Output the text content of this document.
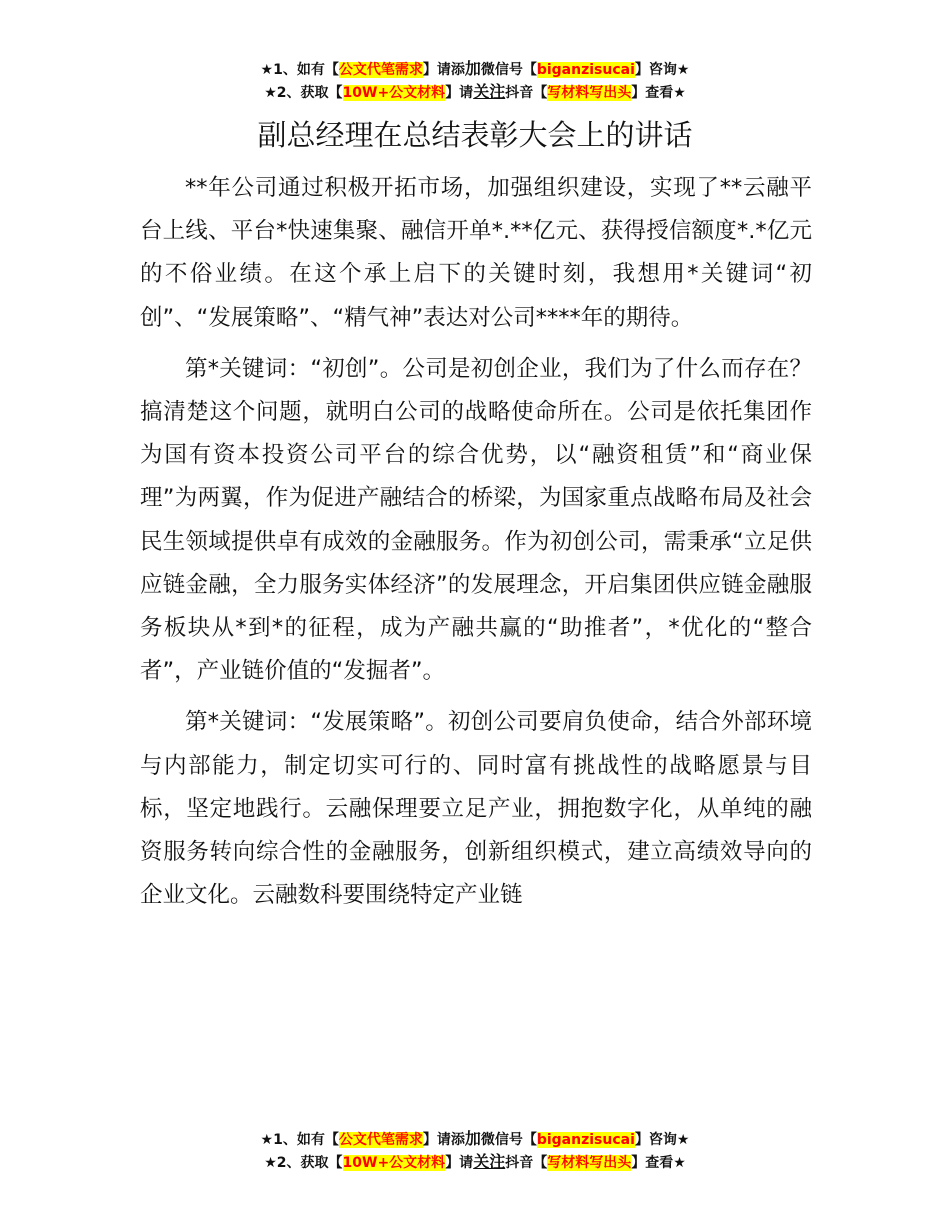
★1、如有【公文代笔需求】请添加微信号【biganzisucai】咨询★
★2、获取【10W+公文材料】请关注抖音【写材料写出头】查看★
副总经理在总结表彰大会上的讲话

**年公司通过积极开拓市场，加强组织建设，实现了**云融平台上线、平台*快速集聚、融信开单*.**亿元、获得授信额度*.*亿元的不俗业绩。在这个承上启下的关键时刻，我想用*关键词“初创”、“发展策略”、“精气神”表达对公司****年的期待。

第*关键词：“初创”。公司是初创企业，我们为了什么而存在？搞清楚这个问题，就明白公司的战略使命所在。公司是依托集团作为国有资本投资公司平台的综合优势，以“融资租赁”和“商业保理”为两翼，作为促进产融结合的桥梁，为国家重点战略布局及社会民生领域提供卓有成效的金融服务。作为初创公司，需秉承“立足供应链金融，全力服务实体经济”的发展理念，开启集团供应链金融服务板块从*到*的征程，成为产融共赢的“助推者”，*优化的“整合者”，产业链价值的“发掘者”。

第*关键词：“发展策略”。初创公司要肩负使命，结合外部环境与内部能力，制定切实可行的、同时富有挑战性的战略愿景与目标，坚定地践行。云融保理要立足产业，拥抱数字化，从单纯的融资服务转向综合性的金融服务，创新组织模式，建立高绩效导向的企业文化。云融数科要围绕特定产业链

★1、如有【公文代笔需求】请添加微信号【biganzisucai】咨询★
★2、获取【10W+公文材料】请关注抖音【写材料写出头】查看★
